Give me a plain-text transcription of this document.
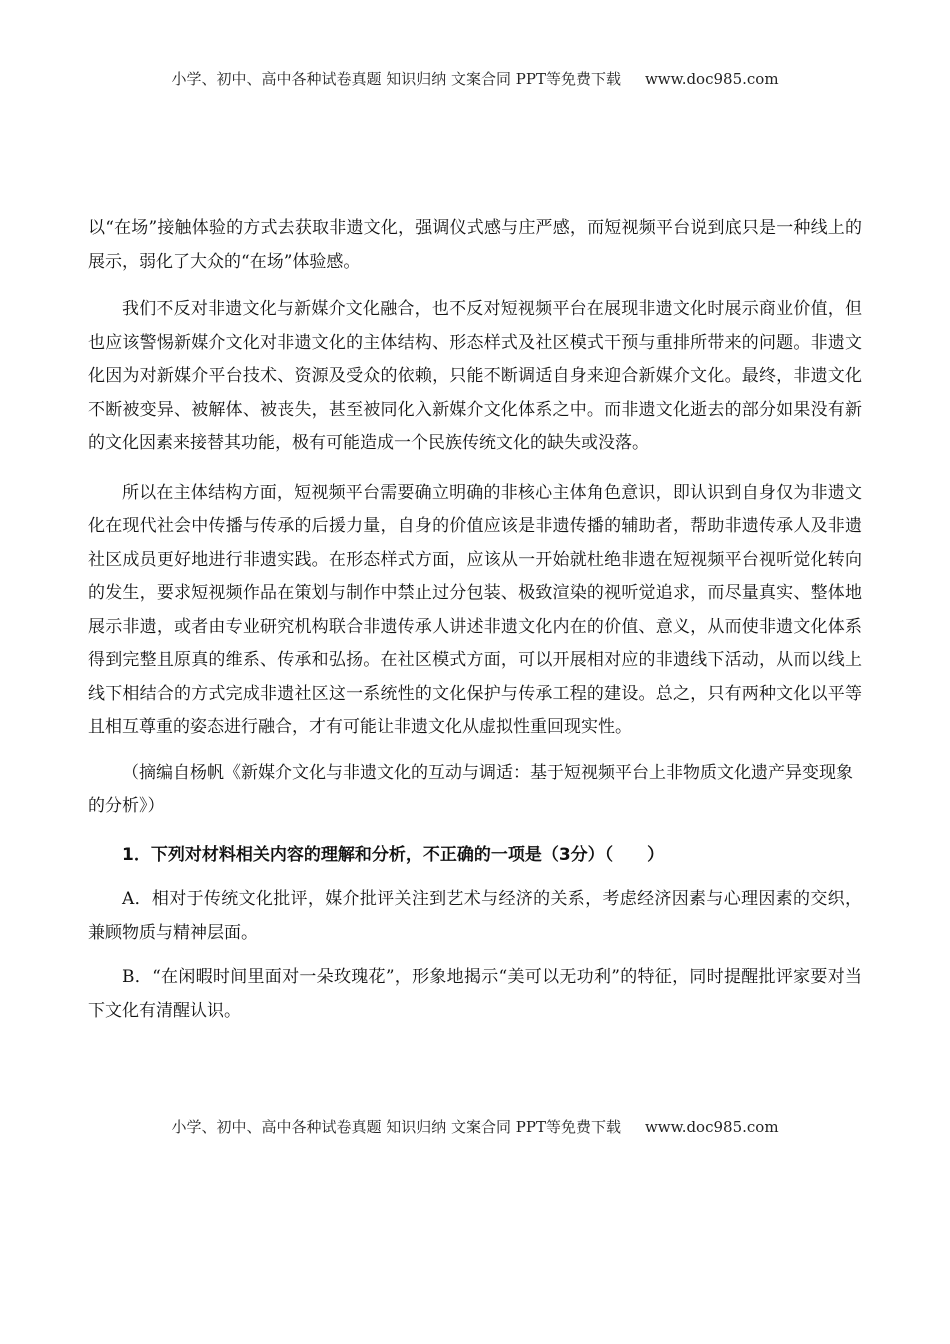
小学、初中、高中各种试卷真题 知识归纳 文案合同 PPT等免费下载 www.doc985.com

以“在场”接触体验的方式去获取非遗文化，强调仪式感与庄严感，而短视频平台说到底只是一种线上的展示，弱化了大众的“在场”体验感。

我们不反对非遗文化与新媒介文化融合，也不反对短视频平台在展现非遗文化时展示商业价值，但也应该警惕新媒介文化对非遗文化的主体结构、形态样式及社区模式干预与重排所带来的问题。非遗文化因为对新媒介平台技术、资源及受众的依赖，只能不断调适自身来迎合新媒介文化。最终，非遗文化不断被变异、被解体、被丧失，甚至被同化入新媒介文化体系之中。而非遗文化逝去的部分如果没有新的文化因素来接替其功能，极有可能造成一个民族传统文化的缺失或没落。

所以在主体结构方面，短视频平台需要确立明确的非核心主体角色意识，即认识到自身仅为非遗文化在现代社会中传播与传承的后援力量，自身的价值应该是非遗传播的辅助者，帮助非遗传承人及非遗社区成员更好地进行非遗实践。在形态样式方面，应该从一开始就杜绝非遗在短视频平台视听觉化转向的发生，要求短视频作品在策划与制作中禁止过分包装、极致渲染的视听觉追求，而尽量真实、整体地展示非遗，或者由专业研究机构联合非遗传承人讲述非遗文化内在的价值、意义，从而使非遗文化体系得到完整且原真的维系、传承和弘扬。在社区模式方面，可以开展相对应的非遗线下活动，从而以线上线下相结合的方式完成非遗社区这一系统性的文化保护与传承工程的建设。总之，只有两种文化以平等且相互尊重的姿态进行融合，才有可能让非遗文化从虚拟性重回现实性。

（摘编自杨帆《新媒介文化与非遗文化的互动与调适：基于短视频平台上非物质文化遗产异变现象的分析》）

1．下列对材料相关内容的理解和分析，不正确的一项是（3分）（　　）

A．相对于传统文化批评，媒介批评关注到艺术与经济的关系，考虑经济因素与心理因素的交织，兼顾物质与精神层面。

B．“在闲暇时间里面对一朵玫瑰花”，形象地揭示“美可以无功利”的特征，同时提醒批评家要对当下文化有清醒认识。

小学、初中、高中各种试卷真题 知识归纳 文案合同 PPT等免费下载 www.doc985.com
